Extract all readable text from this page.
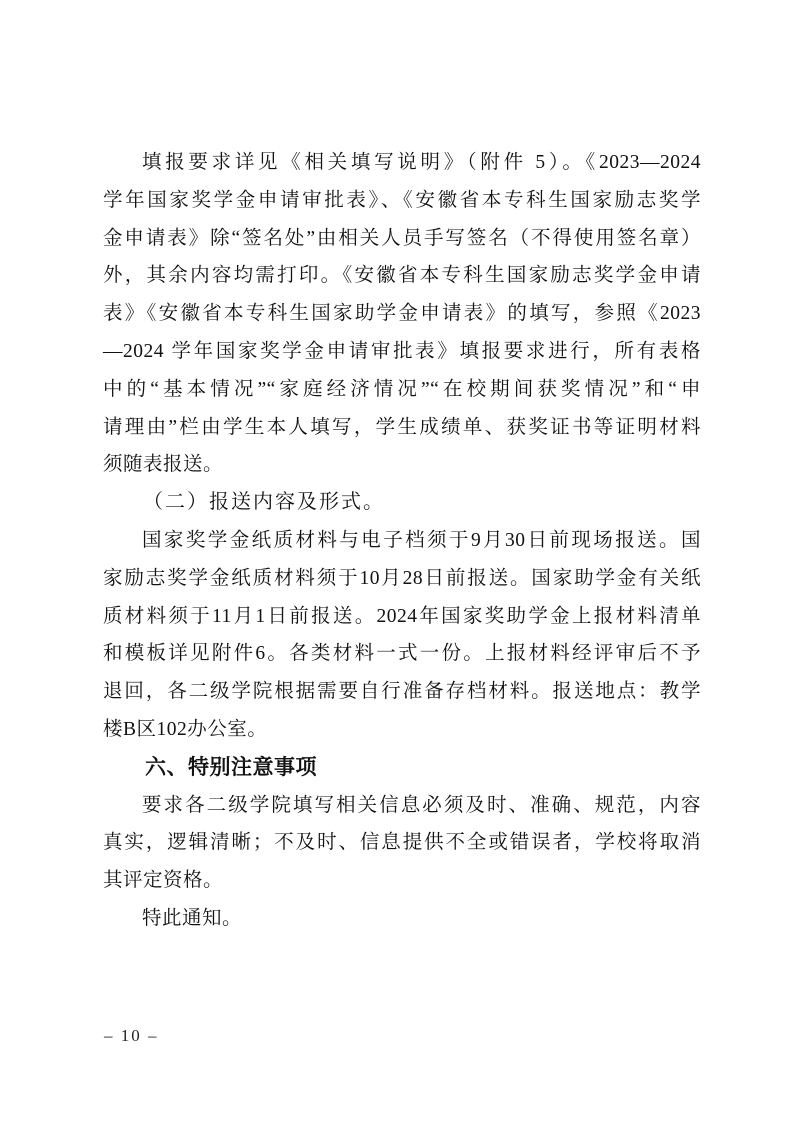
填报要求详见《相关填写说明》（附件 5）。《2023—2024
学年国家奖学金申请审批表》、《安徽省本专科生国家励志奖学
金申请表》除“签名处”由相关人员手写签名（不得使用签名章）
外，其余内容均需打印。《安徽省本专科生国家励志奖学金申请
表》《安徽省本专科生国家助学金申请表》的填写，参照《2023
—2024 学年国家奖学金申请审批表》填报要求进行，所有表格
中的“基本情况”“家庭经济情况”“在校期间获奖情况”和“申
请理由”栏由学生本人填写，学生成绩单、获奖证书等证明材料
须随表报送。
（二）报送内容及形式。
国家奖学金纸质材料与电子档须于9月30日前现场报送。国
家励志奖学金纸质材料须于10月28日前报送。国家助学金有关纸
质材料须于11月1日前报送。2024年国家奖助学金上报材料清单
和模板详见附件6。各类材料一式一份。上报材料经评审后不予
退回，各二级学院根据需要自行准备存档材料。报送地点：教学
楼B区102办公室。
六、特别注意事项
要求各二级学院填写相关信息必须及时、准确、规范，内容
真实，逻辑清晰；不及时、信息提供不全或错误者，学校将取消
其评定资格。
特此通知。
– 10 –
